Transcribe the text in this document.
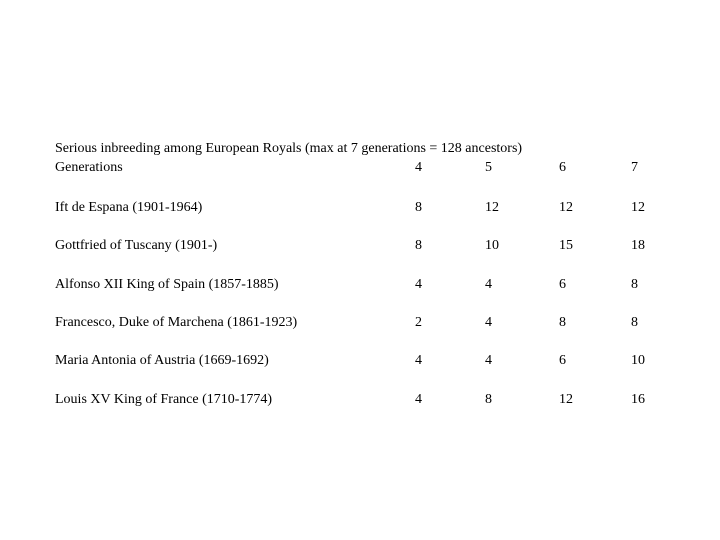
Serious inbreeding among European Royals (max at 7 generations = 128 ancestors)
Generations	4	5	6	7
Ift de Espana (1901-1964)	8	12	12	12
Gottfried of Tuscany (1901-)	8	10	15	18
Alfonso XII King of Spain (1857-1885)	4	4	6	8
Francesco, Duke of Marchena (1861-1923)	2	4	8	8
Maria Antonia of Austria (1669-1692)	4	4	6	10
Louis XV King of France (1710-1774)	4	8	12	16
